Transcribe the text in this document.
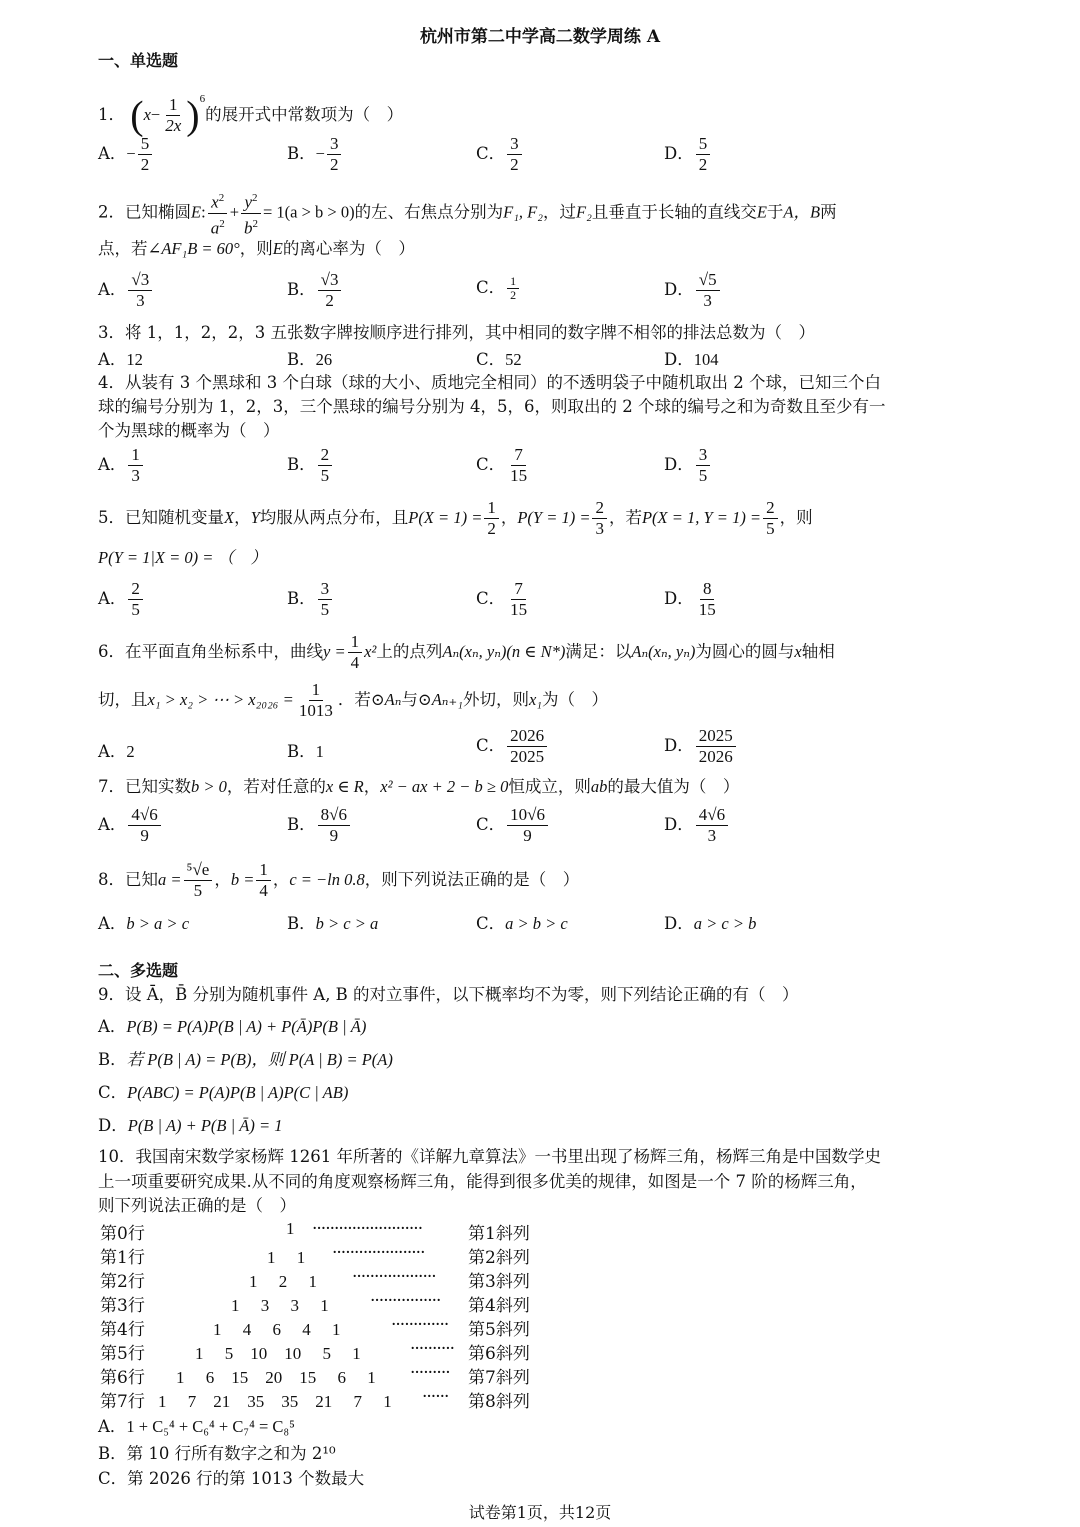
杭州市第二中学高二数学周练 A
一、单选题
1． $(x- \frac{1}{2x} )^6$的展开式中常数项为（　）
A．− $\frac{5}{2}$	B．− $\frac{3}{2}$	C． $\frac{3}{2}$	D． $\frac{5}{2}$
2．已知椭圆E: $\frac{x^2}{a^2} + \frac{y^2}{b^2} = 1(a > b > 0)$的左、右焦点分别为F₁, F₂，过F₂且垂直于长轴的直线交E于A，B两
点，若∠AF₁B = 60°，则E的离心率为（　）
A． $\frac{√3}{3}$	B． $\frac{√3}{2}$	C． $\frac{1}{2}$	D． $\frac{√5}{3}$
3．将 1，1，2，2，3 五张数字牌按顺序进行排列，其中相同的数字牌不相邻的排法总数为（　）
A．12	B．26	C．52	D．104
4．从装有 3 个黑球和 3 个白球（球的大小、质地完全相同）的不透明袋子中随机取出 2 个球，已知三个白
球的编号分别为 1，2，3，三个黑球的编号分别为 4，5，6，则取出的 2 个球的编号之和为奇数且至少有一
个为黑球的概率为（　）
A． $\frac{1}{3}$	B． $\frac{2}{5}$	C． $\frac{7}{15}$	D． $\frac{3}{5}$
5．已知随机变量X，Y均服从两点分布，且$P(X = 1) = \frac{1}{2}$ ，$P(Y = 1) = \frac{2}{3}$ ，若P(X = 1, $Y = 1) = \frac{2}{5}$ ，则
P(Y = 1|X = 0) = （　）
A． $\frac{2}{5}$	B． $\frac{3}{5}$	C． $\frac{7}{15}$	D． $\frac{8}{15}$
6．在平面直角坐标系中，曲线$y = \frac{1}{4} x^2$上的点列Aₙ(xₙ, yₙ)(n ∈ N*)满足：以Aₙ(xₙ, yₙ)为圆心的圆与x轴相
切，且x₁ > x₂ > ⋯ > $x_{2026} = \frac{1}{1013}$ ．若⊙Aₙ与⊙Aₙ₊₁外切，则x₁为（　）
A．2	B．1	C． $\frac{2026}{2025}$	D． $\frac{2025}{2026}$
7．已知实数b > 0，若对任意的x ∈ R，x² − ax + 2 − b ≥ 0恒成立，则ab的最大值为（　）
A． $\frac{4√6}{9}$	B． $\frac{8√6}{9}$	C． $\frac{10√6}{9}$	D． $\frac{4√6}{3}$
8．已知$a = \frac{\text{⁵√e}}{5}$ ，$b = \frac{1}{4}$ ，c = −ln 0.8，则下列说法正确的是（　）
A．b > a > c	B．b > c > a	C．a > b > c	D．a > c > b
二、多选题
9．设 Ā，B̄ 分别为随机事件 A, B 的对立事件，以下概率均不为零，则下列结论正确的有（　）
A．P(B) = P(A)P(B | A) + P(Ā)P(B | Ā)
B．若 P(B | A) = P(B)，则 P(A | B) = P(A)
C．P(ABC) = P(A)P(B | A)P(C | AB)
D．P(B | A) + P(B | Ā) = 1
10．我国南宋数学家杨辉 1261 年所著的《详解九章算法》一书里出现了杨辉三角，杨辉三角是中国数学史
上一项重要研究成果.从不同的角度观察杨辉三角，能得到很多优美的规律，如图是一个 7 阶的杨辉三角，
则下列说法正确的是（　）
第0行	1 ·························	第1斜列
第1行	1　 1 ·····················	第2斜列
第2行	1　 2　 1 ··················· 第3斜列
第3行	1　 3　 3　 1 ················ 第4斜列
第4行	1　 4　 6　 4　 1	············· 第5斜列
第5行	1　 5　10　10　 5　 1	·········· 第6斜列
第6行 1　 6　15　20　15　 6　 1 ········· 第7斜列
第7行 1　 7　21　35　35　21　 7　 1 ······ 第8斜列
A．1 + C₅⁴ + C₆⁴ + C₇⁴ = C₈⁵
B．第 10 行所有数字之和为 2¹⁰
C．第 2026 行的第 1013 个数最大
试卷第1页，共12页
